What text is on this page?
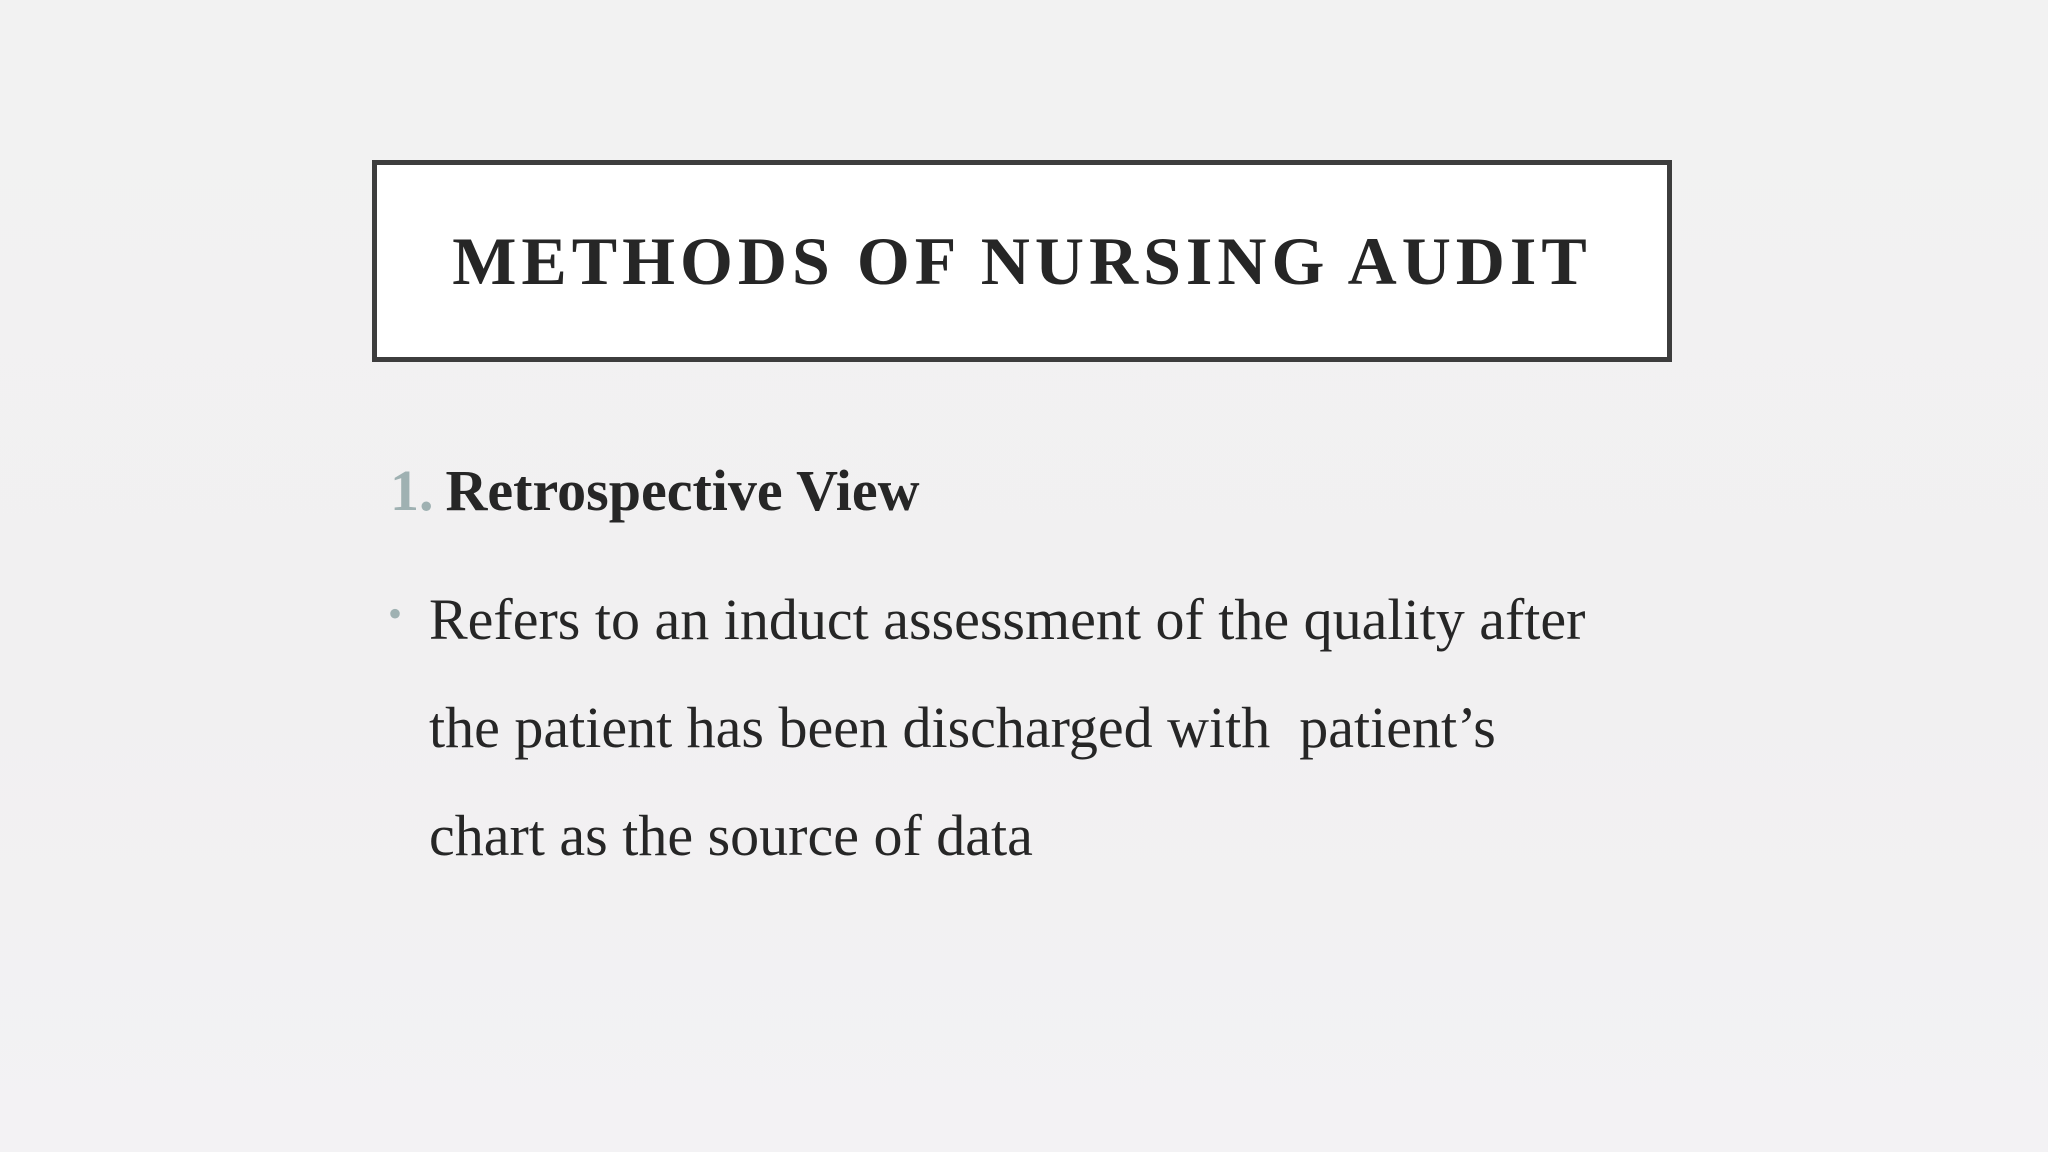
METHODS OF NURSING AUDIT
1. Retrospective View
• Refers to an induct assessment of the quality after
the patient has been discharged with  patient’s
chart as the source of data
